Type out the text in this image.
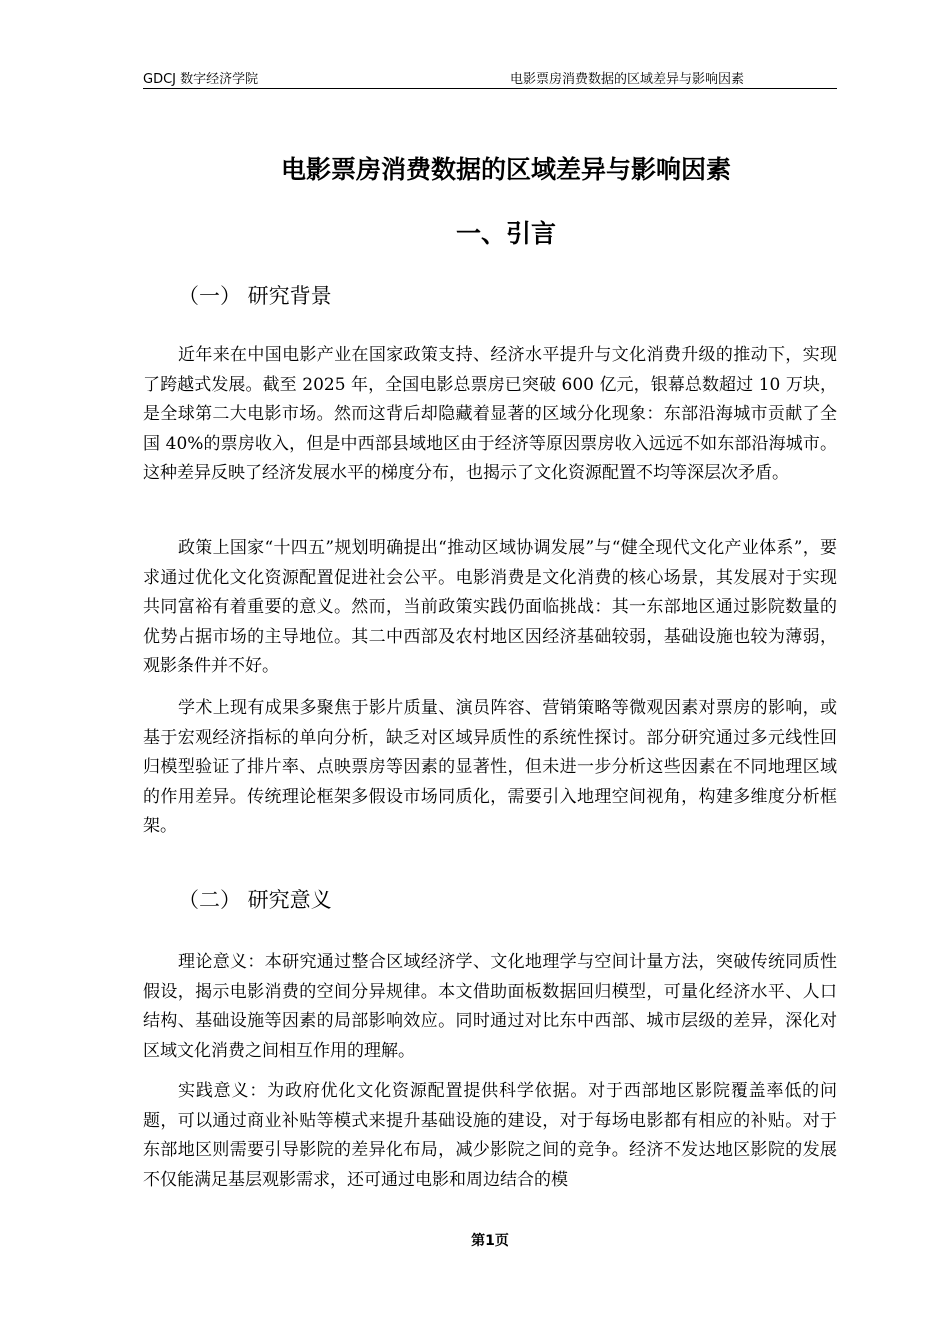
GDCJ 数字经济学院	电影票房消费数据的区域差异与影响因素
电影票房消费数据的区域差异与影响因素
一、引言
（一） 研究背景
近年来在中国电影产业在国家政策支持、经济水平提升与文化消费升级的推动下，实现了跨越式发展。截至 2025 年，全国电影总票房已突破 600 亿元，银幕总数超过 10 万块，是全球第二大电影市场。然而这背后却隐藏着显著的区域分化现象：东部沿海城市贡献了全国 40%的票房收入，但是中西部县域地区由于经济等原因票房收入远远不如东部沿海城市。这种差异反映了经济发展水平的梯度分布，也揭示了文化资源配置不均等深层次矛盾。
政策上国家“十四五”规划明确提出“推动区域协调发展”与“健全现代文化产业体系”，要求通过优化文化资源配置促进社会公平。电影消费是文化消费的核心场景，其发展对于实现共同富裕有着重要的意义。然而，当前政策实践仍面临挑战：其一东部地区通过影院数量的优势占据市场的主导地位。其二中西部及农村地区因经济基础较弱，基础设施也较为薄弱，观影条件并不好。
学术上现有成果多聚焦于影片质量、演员阵容、营销策略等微观因素对票房的影响，或基于宏观经济指标的单向分析，缺乏对区域异质性的系统性探讨。部分研究通过多元线性回归模型验证了排片率、点映票房等因素的显著性，但未进一步分析这些因素在不同地理区域的作用差异。传统理论框架多假设市场同质化，需要引入地理空间视角，构建多维度分析框架。
（二） 研究意义
理论意义：本研究通过整合区域经济学、文化地理学与空间计量方法，突破传统同质性假设，揭示电影消费的空间分异规律。本文借助面板数据回归模型，可量化经济水平、人口结构、基础设施等因素的局部影响效应。同时通过对比东中西部、城市层级的差异，深化对区域文化消费之间相互作用的理解。
实践意义：为政府优化文化资源配置提供科学依据。对于西部地区影院覆盖率低的问题，可以通过商业补贴等模式来提升基础设施的建设，对于每场电影都有相应的补贴。对于东部地区则需要引导影院的差异化布局，减少影院之间的竞争。经济不发达地区影院的发展不仅能满足基层观影需求，还可通过电影和周边结合的模
第1页
